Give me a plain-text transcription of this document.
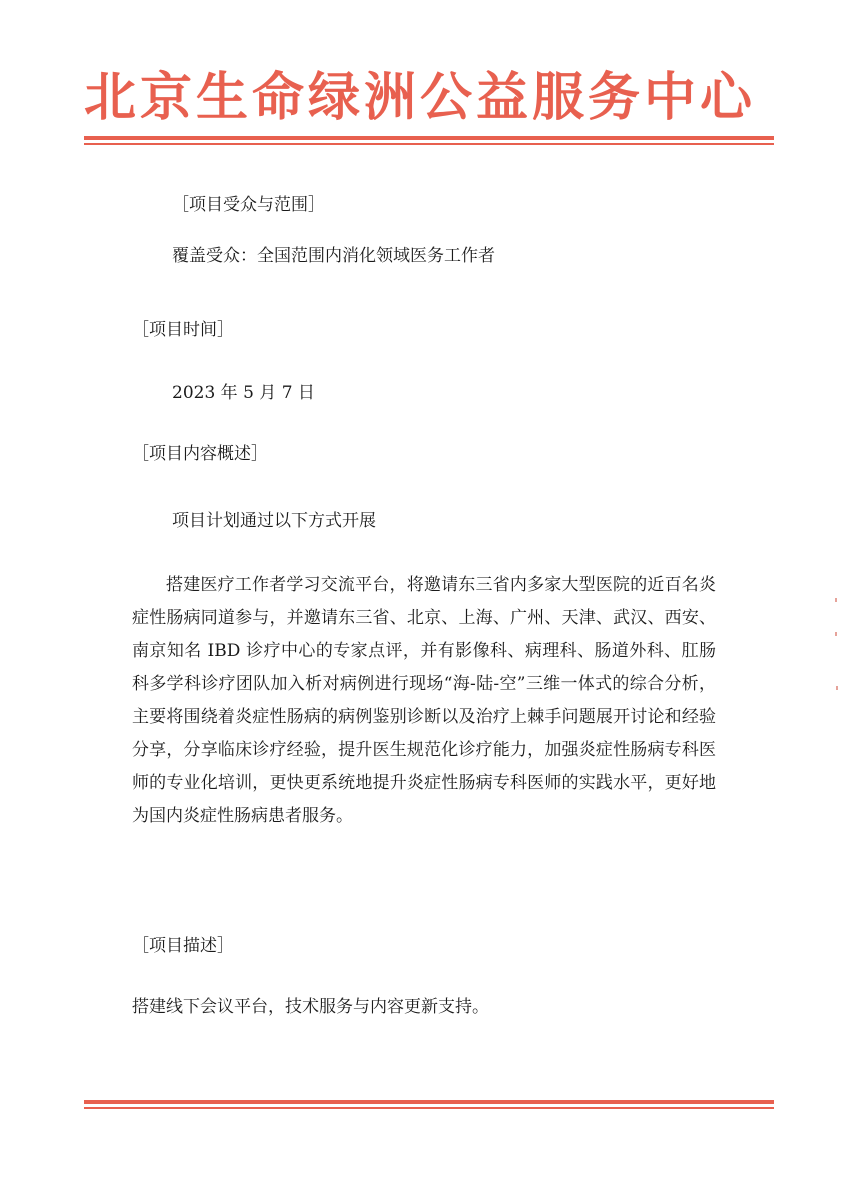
北京生命绿洲公益服务中心
［项目受众与范围］
覆盖受众：全国范围内消化领域医务工作者
［项目时间］
2023 年 5 月 7 日
［项目内容概述］
项目计划通过以下方式开展
搭建医疗工作者学习交流平台，将邀请东三省内多家大型医院的近百名炎症性肠病同道参与，并邀请东三省、北京、上海、广州、天津、武汉、西安、南京知名 IBD 诊疗中心的专家点评，并有影像科、病理科、肠道外科、肛肠科多学科诊疗团队加入析对病例进行现场“海-陆-空”三维一体式的综合分析，主要将围绕着炎症性肠病的病例鉴别诊断以及治疗上棘手问题展开讨论和经验分享，分享临床诊疗经验，提升医生规范化诊疗能力，加强炎症性肠病专科医师的专业化培训，更快更系统地提升炎症性肠病专科医师的实践水平，更好地为国内炎症性肠病患者服务。
［项目描述］
搭建线下会议平台，技术服务与内容更新支持。
